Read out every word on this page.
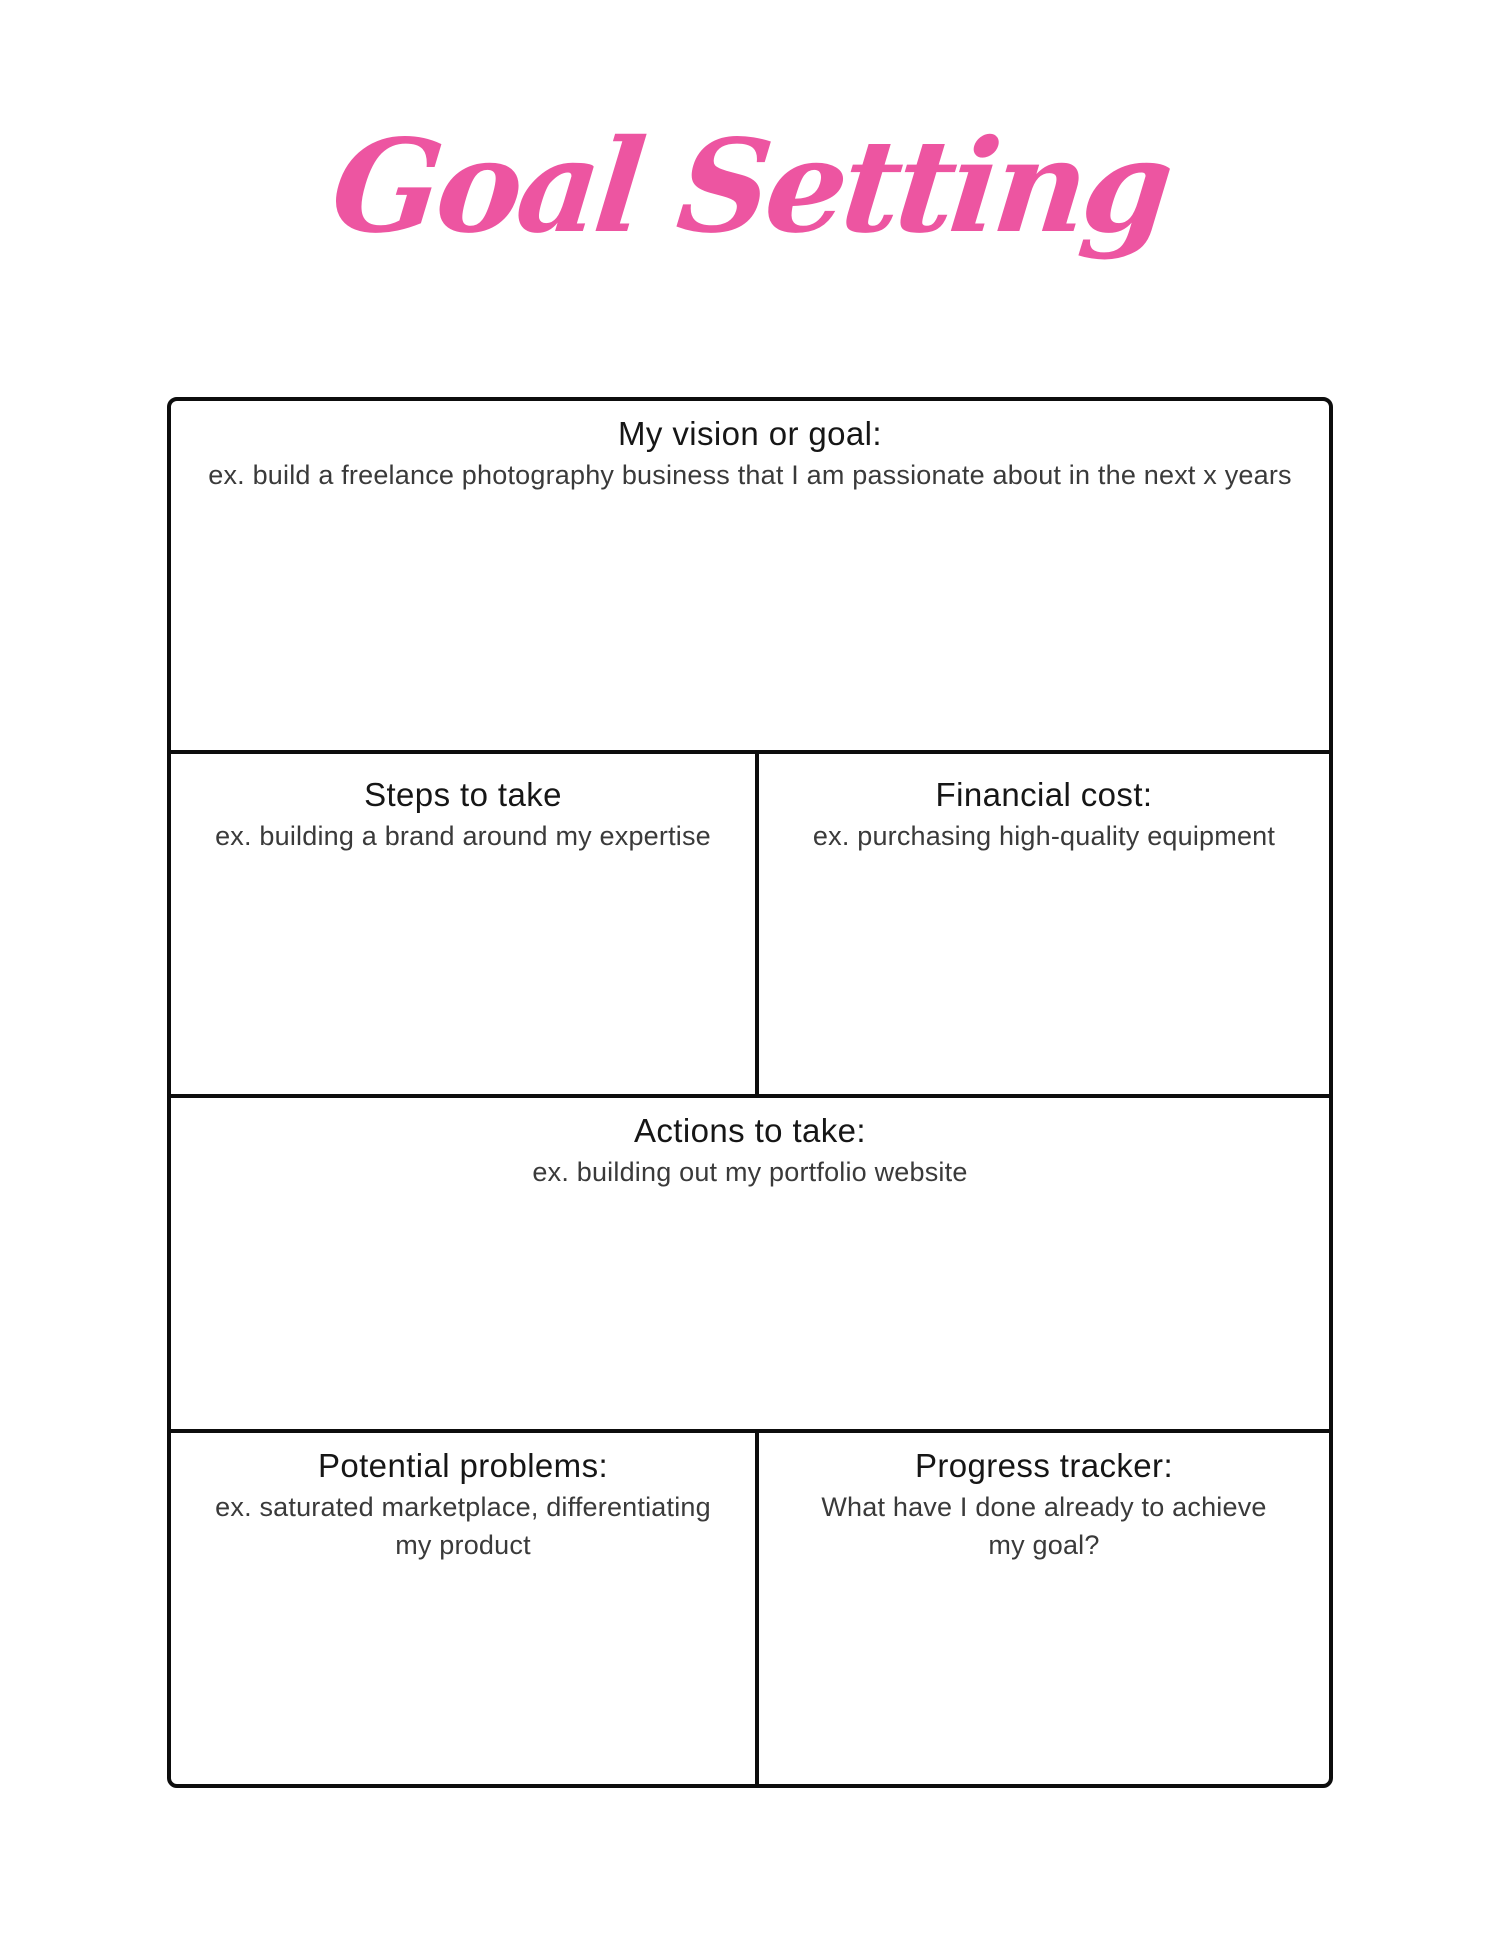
Goal Setting
My vision or goal:
ex. build a freelance photography business that I am passionate about in the next x years
Steps to take
ex. building a brand around my expertise
Financial cost:
ex. purchasing high-quality equipment
Actions to take:
ex. building out my portfolio website
Potential problems:
ex. saturated marketplace, differentiating my product
Progress tracker:
What have I done already to achieve my goal?
